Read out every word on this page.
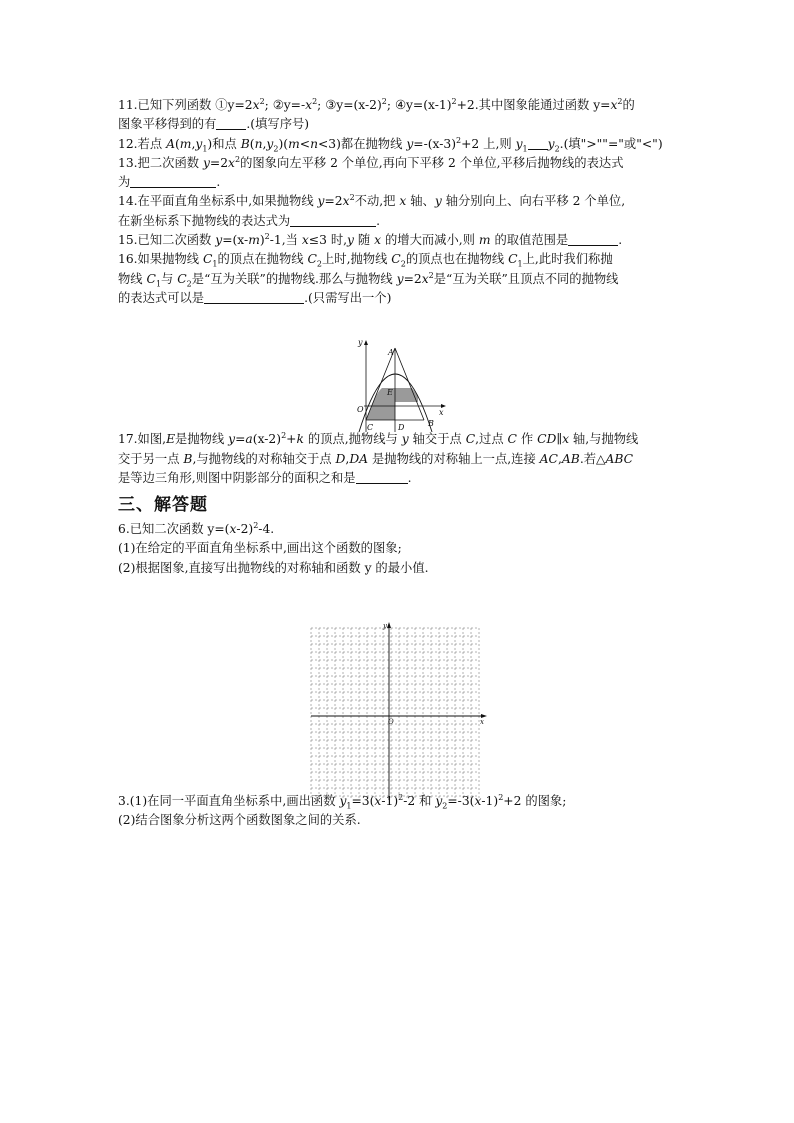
11.已知下列函数 $①y=2x^2$; $②y=-x^2$; $③y=(x-2)^2$; $④y=(x-1)^2+2$.其中图象能通过函数 $y=x^2$的
图象平移得到的有 .(填写序号)
12.若点 $A(m,y_1)$和点 $B(n,y_2)(m<n<3)$都在抛物线 $y=-(x-3)^2+2$ 上,则 $y_1$ $y_2$.(填">""="或"<")
13.把二次函数 $y=2x^2$的图象向左平移 2 个单位,再向下平移 2 个单位,平移后抛物线的表达式
为	.
14.在平面直角坐标系中,如果抛物线 $y=2x^2$不动,把 x 轴、y 轴分别向上、向右平移 2 个单位,
在新坐标系下抛物线的表达式为	.
15.已知二次函数 $y=(x-m)^2-1$,当 x≤3 时,y 随 x 的增大而减小,则 m 的取值范围是	.
16.如果抛物线 $C_1$的顶点在抛物线 $C_2$上时,抛物线 $C_2$的顶点也在抛物线 $C_1$上,此时我们称抛
物线 $C_1$与 $C_2$是“互为关联”的抛物线.那么与抛物线 $y=2x^2$是“互为关联”且顶点不同的抛物线
的表达式可以是	.(只需写出一个)
17.如图,E是抛物线 $y=a(x-2)^2+k$ 的顶点,抛物线与 y 轴交于点 C,过点 C 作 CD∥x 轴,与抛物线
交于另一点 B,与抛物线的对称轴交于点 D,DA 是抛物线的对称轴上一点,连接 AC,AB.若△ABC
是等边三角形,则图中阴影部分的面积之和是	.
三、解答题
6.已知二次函数 $y=(x-2)^2-4$.
(1)在给定的平面直角坐标系中,画出这个函数的图象;
(2)根据图象,直接写出抛物线的对称轴和函数 y 的最小值.
3.(1)在同一平面直角坐标系中,画出函数 $y_1=3(x-1)^2-2$ 和 $y_2=-3(x-1)^2+2$ 的图象;
(2)结合图象分析这两个函数图象之间的关系.
y
x
A
E
O
C	D	B
y
x
O
